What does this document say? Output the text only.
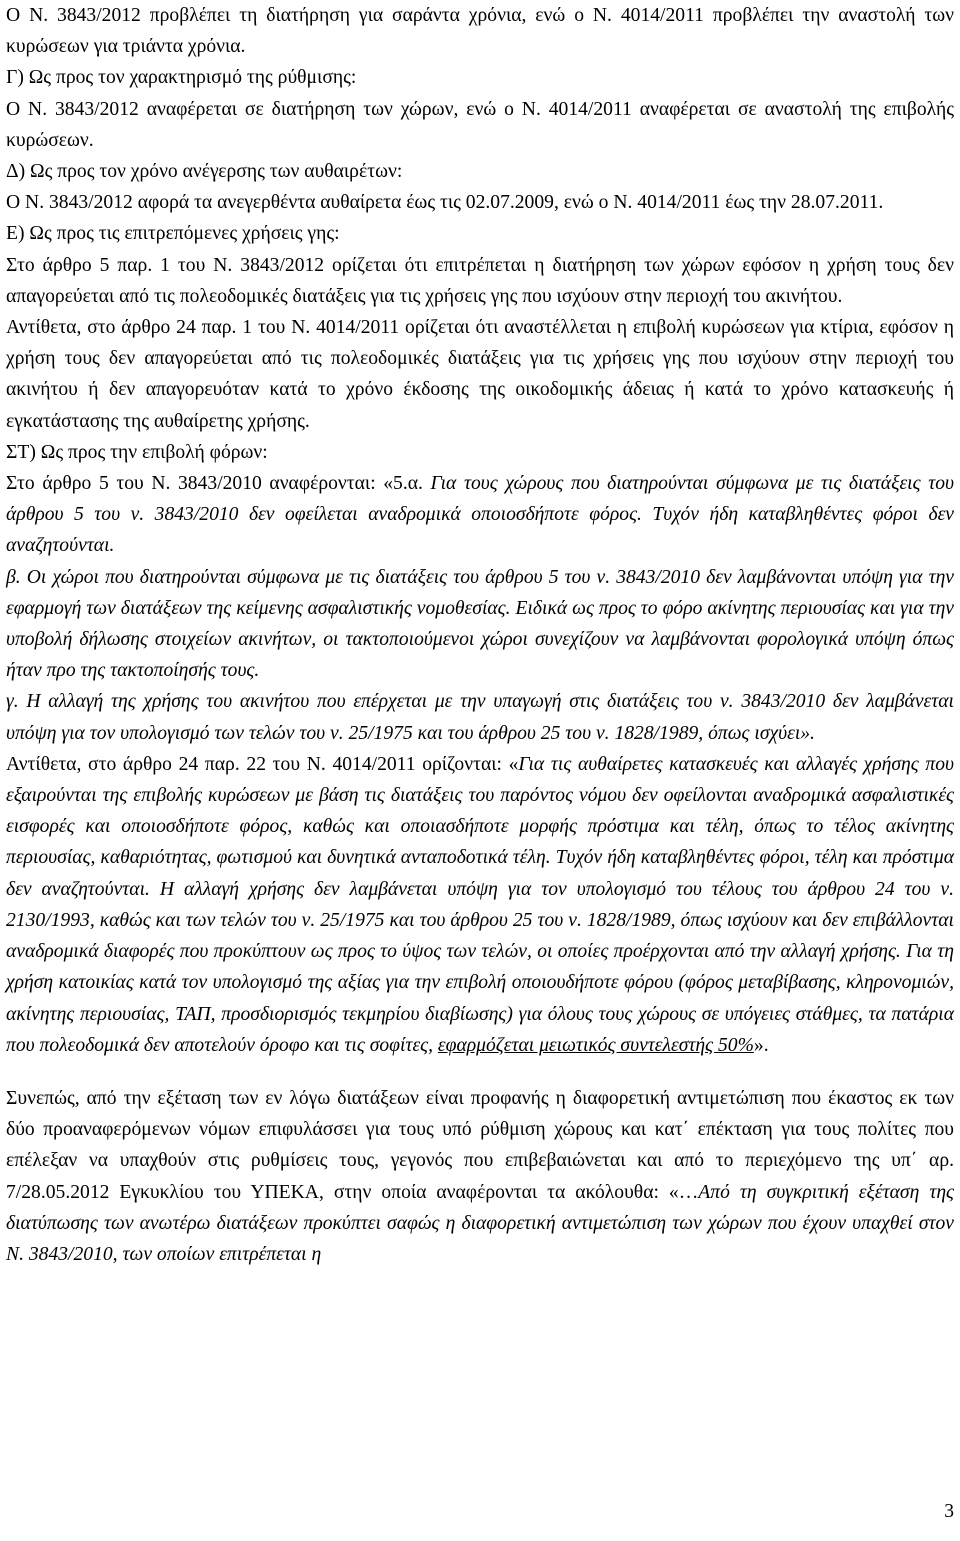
Ο Ν. 3843/2012 προβλέπει τη διατήρηση για σαράντα χρόνια, ενώ ο Ν. 4014/2011 προβλέπει την αναστολή των κυρώσεων για τριάντα χρόνια.

Γ) Ως προς τον χαρακτηρισμό της ρύθμισης:

Ο Ν. 3843/2012 αναφέρεται σε διατήρηση των χώρων, ενώ ο Ν. 4014/2011 αναφέρεται σε αναστολή της επιβολής κυρώσεων.

Δ) Ως προς τον χρόνο ανέγερσης των αυθαιρέτων:

Ο Ν. 3843/2012 αφορά τα ανεγερθέντα αυθαίρετα έως τις 02.07.2009, ενώ ο Ν. 4014/2011 έως την 28.07.2011.

Ε) Ως προς τις επιτρεπόμενες χρήσεις γης:

Στο άρθρο 5 παρ. 1 του Ν. 3843/2012 ορίζεται ότι επιτρέπεται η διατήρηση των χώρων εφόσον η χρήση τους δεν απαγορεύεται από τις πολεοδομικές διατάξεις για τις χρήσεις γης που ισχύουν στην περιοχή του ακινήτου.

Αντίθετα, στο άρθρο 24 παρ. 1 του Ν. 4014/2011 ορίζεται ότι αναστέλλεται η επιβολή κυρώσεων για κτίρια, εφόσον η χρήση τους δεν απαγορεύεται από τις πολεοδομικές διατάξεις για τις χρήσεις γης που ισχύουν στην περιοχή του ακινήτου ή δεν απαγορευόταν κατά το χρόνο έκδοσης της οικοδομικής άδειας ή κατά το χρόνο κατασκευής ή εγκατάστασης της αυθαίρετης χρήσης.

ΣΤ) Ως προς την επιβολή φόρων:

Στο άρθρο 5 του Ν. 3843/2010 αναφέρονται: «5.α. Για τους χώρους που διατηρούνται σύμφωνα με τις διατάξεις του άρθρου 5 του ν. 3843/2010 δεν οφείλεται αναδρομικά οποιοσδήποτε φόρος. Τυχόν ήδη καταβληθέντες φόροι δεν αναζητούνται.

β. Οι χώροι που διατηρούνται σύμφωνα με τις διατάξεις του άρθρου 5 του ν. 3843/2010 δεν λαμβάνονται υπόψη για την εφαρμογή των διατάξεων της κείμενης ασφαλιστικής νομοθεσίας. Ειδικά ως προς το φόρο ακίνητης περιουσίας και για την υποβολή δήλωσης στοιχείων ακινήτων, οι τακτοποιούμενοι χώροι συνεχίζουν να λαμβάνονται φορολογικά υπόψη όπως ήταν προ της τακτοποίησής τους.

γ. Η αλλαγή της χρήσης του ακινήτου που επέρχεται με την υπαγωγή στις διατάξεις του ν. 3843/2010 δεν λαμβάνεται υπόψη για τον υπολογισμό των τελών του ν. 25/1975 και του άρθρου 25 του ν. 1828/1989, όπως ισχύει».

Αντίθετα, στο άρθρο 24 παρ. 22 του Ν. 4014/2011 ορίζονται: «Για τις αυθαίρετες κατασκευές και αλλαγές χρήσης που εξαιρούνται της επιβολής κυρώσεων με βάση τις διατάξεις του παρόντος νόμου δεν οφείλονται αναδρομικά ασφαλιστικές εισφορές και οποιοσδήποτε φόρος, καθώς και οποιασδήποτε μορφής πρόστιμα και τέλη, όπως το τέλος ακίνητης περιουσίας, καθαριότητας, φωτισμού και δυνητικά ανταποδοτικά τέλη. Τυχόν ήδη καταβληθέντες φόροι, τέλη και πρόστιμα δεν αναζητούνται. Η αλλαγή χρήσης δεν λαμβάνεται υπόψη για τον υπολογισμό του τέλους του άρθρου 24 του ν. 2130/1993, καθώς και των τελών του ν. 25/1975 και του άρθρου 25 του ν. 1828/1989, όπως ισχύουν και δεν επιβάλλονται αναδρομικά διαφορές που προκύπτουν ως προς το ύψος των τελών, οι οποίες προέρχονται από την αλλαγή χρήσης. Για τη χρήση κατοικίας κατά τον υπολογισμό της αξίας για την επιβολή οποιουδήποτε φόρου (φόρος μεταβίβασης, κληρονομιών, ακίνητης περιουσίας, ΤΑΠ, προσδιορισμός τεκμηρίου διαβίωσης) για όλους τους χώρους σε υπόγειες στάθμες, τα πατάρια που πολεοδομικά δεν αποτελούν όροφο και τις σοφίτες, εφαρμόζεται μειωτικός συντελεστής 50%».

Συνεπώς, από την εξέταση των εν λόγω διατάξεων είναι προφανής η διαφορετική αντιμετώπιση που έκαστος εκ των δύο προαναφερόμενων νόμων επιφυλάσσει για τους υπό ρύθμιση χώρους και κατ΄ επέκταση για τους πολίτες που επέλεξαν να υπαχθούν στις ρυθμίσεις τους, γεγονός που επιβεβαιώνεται και από το περιεχόμενο της υπ΄ αρ. 7/28.05.2012 Εγκυκλίου του ΥΠΕΚΑ, στην οποία αναφέρονται τα ακόλουθα: «…Από τη συγκριτική εξέταση της διατύπωσης των ανωτέρω διατάξεων προκύπτει σαφώς η διαφορετική αντιμετώπιση των χώρων που έχουν υπαχθεί στον Ν. 3843/2010, των οποίων επιτρέπεται η

3
